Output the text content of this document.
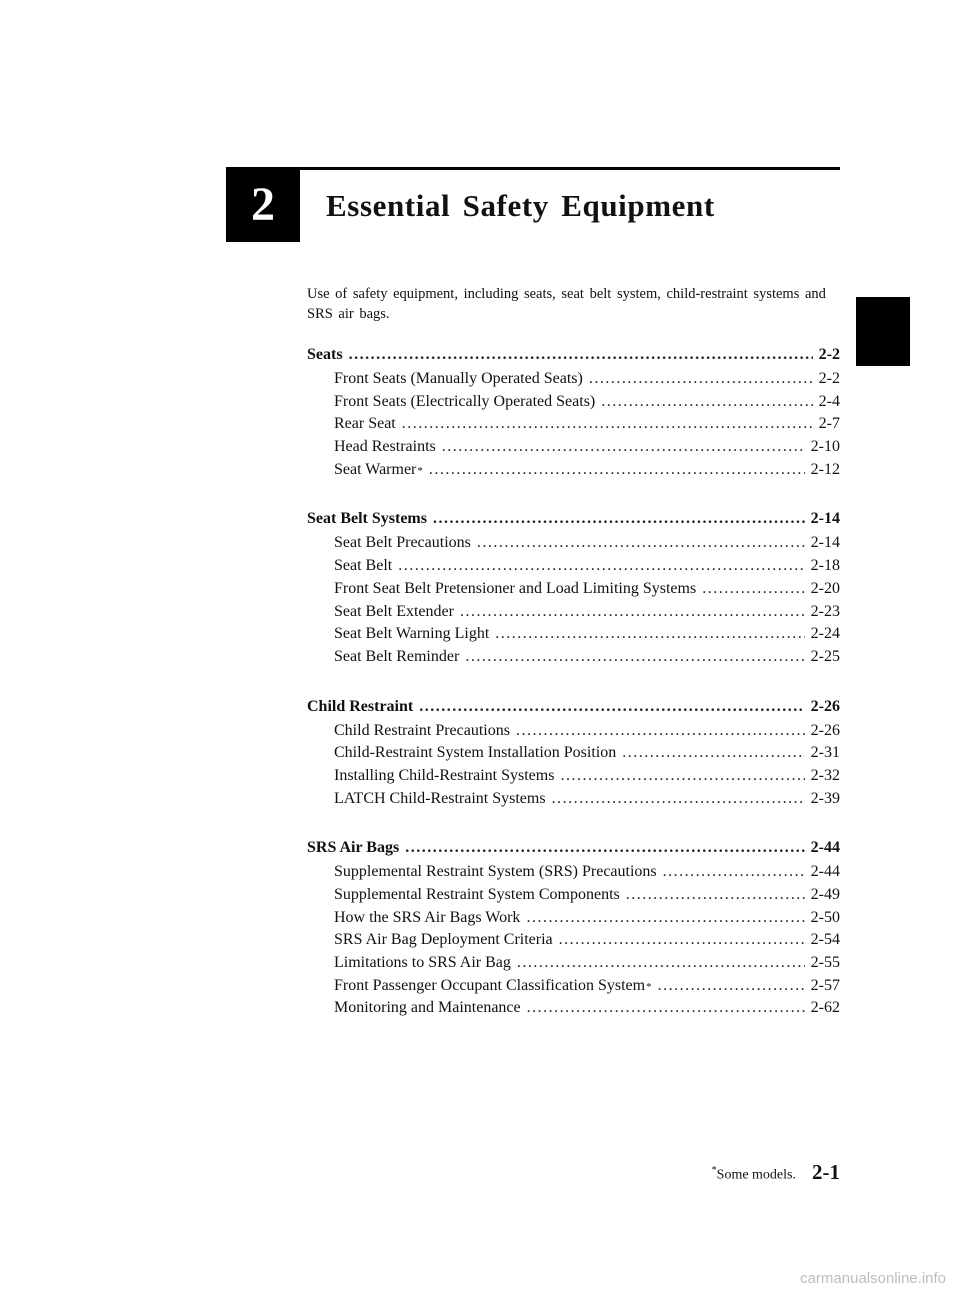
2 Essential Safety Equipment
Use of safety equipment, including seats, seat belt system, child-restraint systems and SRS air bags.
Seats .....	2-2
Front Seats (Manually Operated Seats) .....	2-2
Front Seats (Electrically Operated Seats) .....	2-4
Rear Seat .....	2-7
Head Restraints .....	2-10
Seat Warmer * .....	2-12
Seat Belt Systems .....	2-14
Seat Belt Precautions .....	2-14
Seat Belt .....	2-18
Front Seat Belt Pretensioner and Load Limiting Systems .....	2-20
Seat Belt Extender .....	2-23
Seat Belt Warning Light .....	2-24
Seat Belt Reminder .....	2-25
Child Restraint .....	2-26
Child Restraint Precautions .....	2-26
Child-Restraint System Installation Position .....	2-31
Installing Child-Restraint Systems .....	2-32
LATCH Child-Restraint Systems .....	2-39
SRS Air Bags .....	2-44
Supplemental Restraint System (SRS) Precautions .....	2-44
Supplemental Restraint System Components .....	2-49
How the SRS Air Bags Work .....	2-50
SRS Air Bag Deployment Criteria .....	2-54
Limitations to SRS Air Bag .....	2-55
Front Passenger Occupant Classification System * .....	2-57
Monitoring and Maintenance .....	2-62
*Some models. 2-1
carmanualsonline.info
